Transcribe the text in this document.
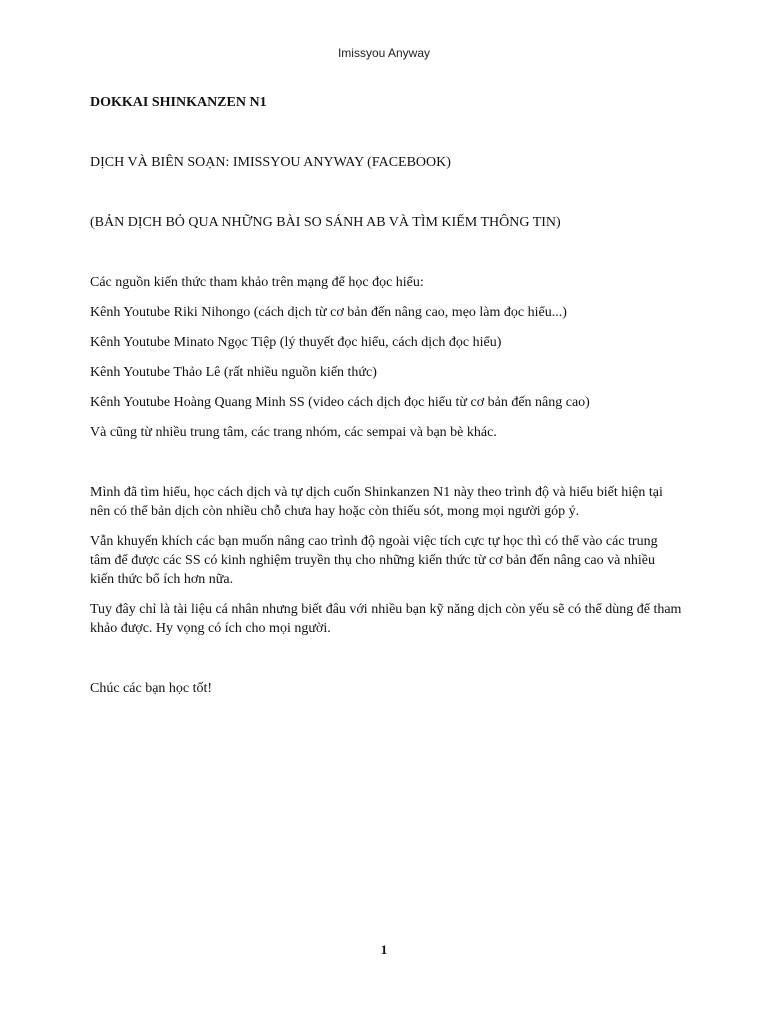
Imissyou Anyway

DOKKAI SHINKANZEN N1

DỊCH VÀ BIÊN SOẠN: IMISSYOU ANYWAY (FACEBOOK)

(BẢN DỊCH BỎ QUA NHỮNG BÀI SO SÁNH AB VÀ TÌM KIẾM THÔNG TIN)

Các nguồn kiến thức tham khảo trên mạng để học đọc hiểu:

Kênh Youtube Riki Nihongo (cách dịch từ cơ bản đến nâng cao, mẹo làm đọc hiểu...)

Kênh Youtube Minato Ngọc Tiệp (lý thuyết đọc hiểu, cách dịch đọc hiểu)

Kênh Youtube Thảo Lê (rất nhiều nguồn kiến thức)

Kênh Youtube Hoàng Quang Minh SS (video cách dịch đọc hiểu từ cơ bản đến nâng cao)

Và cũng từ nhiều trung tâm, các trang nhóm, các sempai và bạn bè khác.

Mình đã tìm hiểu, học cách dịch và tự dịch cuốn Shinkanzen N1 này theo trình độ và hiểu biết hiện tại nên có thể bản dịch còn nhiều chỗ chưa hay hoặc còn thiếu sót, mong mọi người góp ý.

Vẫn khuyến khích các bạn muốn nâng cao trình độ ngoài việc tích cực tự học thì có thể vào các trung tâm để được các SS có kinh nghiệm truyền thụ cho những kiến thức từ cơ bản đến nâng cao và nhiều kiến thức bổ ích hơn nữa.

Tuy đây chỉ là tài liệu cá nhân nhưng biết đâu với nhiều bạn kỹ năng dịch còn yếu sẽ có thể dùng để tham khảo được. Hy vọng có ích cho mọi người.

Chúc các bạn học tốt!

1
